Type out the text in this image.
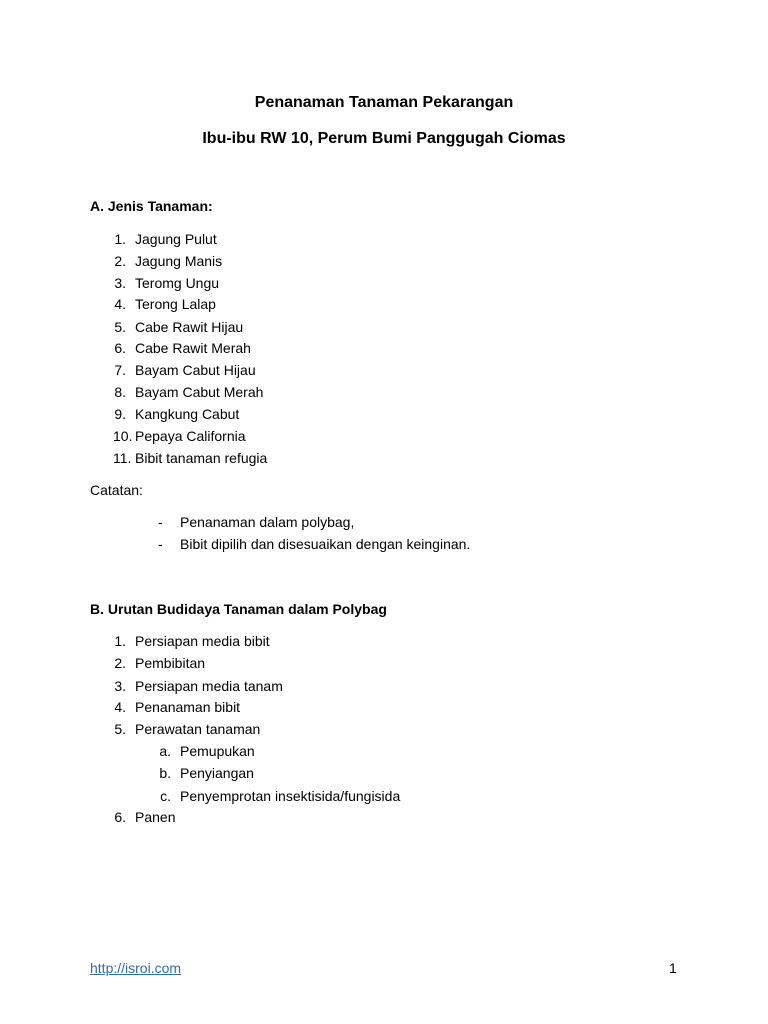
Penanaman Tanaman Pekarangan
Ibu-ibu RW 10, Perum Bumi Panggugah Ciomas
A. Jenis Tanaman:
1. Jagung Pulut
2. Jagung Manis
3. Teromg Ungu
4. Terong Lalap
5. Cabe Rawit Hijau
6. Cabe Rawit Merah
7. Bayam Cabut Hijau
8. Bayam Cabut Merah
9. Kangkung Cabut
10. Pepaya California
11. Bibit tanaman refugia
Catatan:
- Penanaman dalam polybag,
- Bibit dipilih dan disesuaikan dengan keinginan.
B. Urutan Budidaya Tanaman dalam Polybag
1. Persiapan media bibit
2. Pembibitan
3. Persiapan media tanam
4. Penanaman bibit
5. Perawatan tanaman
a. Pemupukan
b. Penyiangan
c. Penyemprotan insektisida/fungisida
6. Panen
http://isroi.com	1
